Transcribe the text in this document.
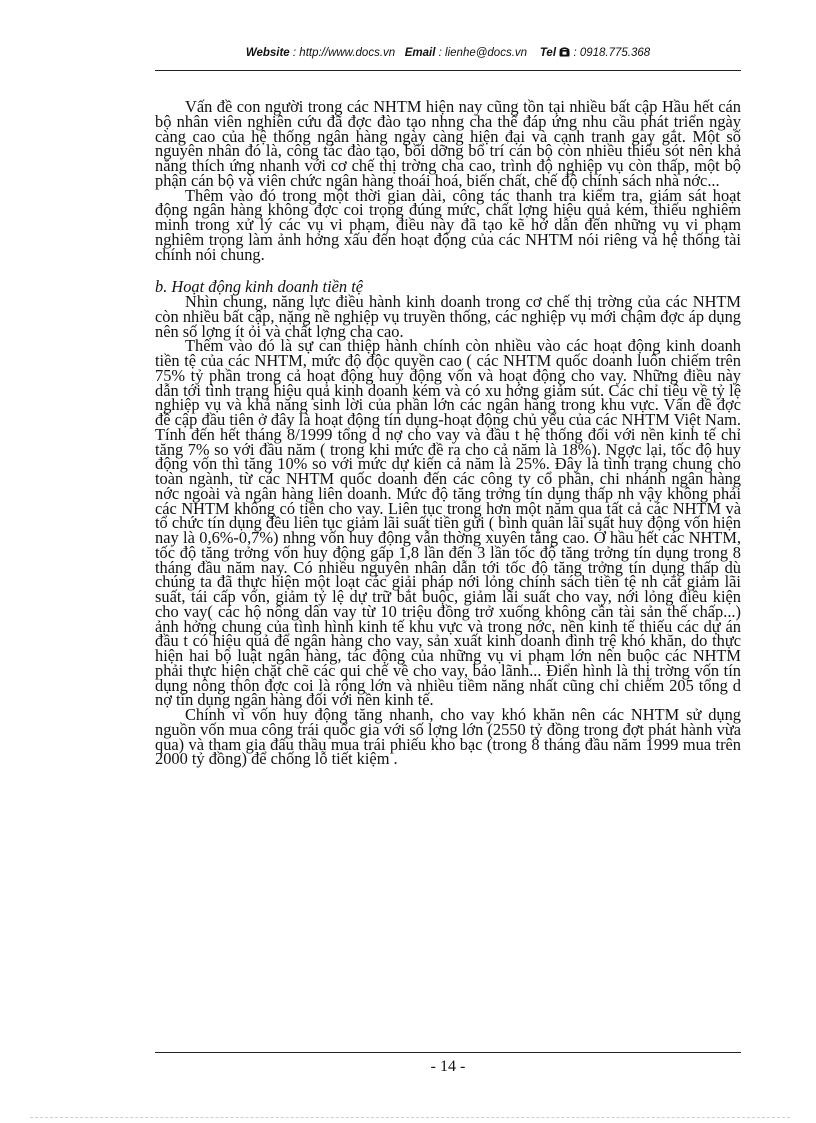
Website : http://www.docs.vn Email : lienhe@docs.vn Tel : 0918.775.368

Vấn đề con người trong các NHTM hiện nay cũng tồn tại nhiều bất cập Hầu hết cán bộ nhân viên nghiên cứu đã đợc đào tạo nhng cha thể đáp ứng nhu cầu phát triển ngày càng cao của hệ thống ngân hàng ngày càng hiện đại và cạnh tranh gay gắt. Một số nguyên nhân đó là, công tác đào tạo, bồi dỡng bổ trí cán bộ còn nhiều thiếu sót nên khả năng thích ứng nhanh với cơ chế thị trờng cha cao, trình độ nghiệp vụ còn thấp, một bộ phận cán bộ và viên chức ngân hàng thoái hoá, biến chất, chế độ chính sách nhà nớc...

Thêm vào đó trong một thời gian dài, công tác thanh tra kiểm tra, giám sát hoạt động ngân hàng không đợc coi trọng đúng mức, chất lợng hiệu quả kém, thiếu nghiêm minh trong xử lý các vụ vi phạm, điều này đã tạo kẽ hở dẫn đến những vụ vi phạm nghiêm trọng làm ảnh hởng xấu đến hoạt động của các NHTM nói riêng và hệ thống tài chính nói chung.

b. Hoạt động kinh doanh tiền tệ

Nhìn chung, năng lực điều hành kinh doanh trong cơ chế thị trờng của các NHTM còn nhiều bất cập, nặng nề nghiệp vụ truyền thống, các nghiệp vụ mới chậm đợc áp dụng nên số lợng ít ỏi và chất lợng cha cao.

Thêm vào đó là sự can thiệp hành chính còn nhiều vào các hoạt động kinh doanh tiền tệ của các NHTM, mức độ độc quyền cao ( các NHTM quốc doanh luôn chiếm trên 75% tỷ phần trong cả hoạt động huy động vốn và hoạt động cho vay. Những điều này dẫn tới tình trạng hiệu quả kinh doanh kém và có xu hớng giảm sút. Các chỉ tiêu về tỷ lệ nghiệp vụ và khả năng sinh lời của phần lớn các ngân hàng trong khu vực. Vấn đề đợc đề cập đầu tiên ở đây là hoạt động tín dụng-hoạt động chủ yếu của các NHTM Việt Nam. Tính đến hết tháng 8/1999 tổng d nợ cho vay và đầu t hệ thống đối với nền kinh tế chỉ tăng 7% so với đầu năm ( trong khi mức đề ra cho cả năm là 18%). Ngợc lại, tốc độ huy động vốn thì tăng 10% so với mức dự kiến cả năm là 25%. Đây là tình trạng chung cho toàn ngành, từ các NHTM quốc doanh đến các công ty cổ phần, chi nhánh ngân hàng nớc ngoài và ngân hàng liên doanh. Mức độ tăng trởng tín dụng thấp nh vậy không phải các NHTM không có tiền cho vay. Liên tục trong hơn một năm qua tất cả các NHTM và tổ chức tín dụng đều liên tục giảm lãi suất tiền gửi ( bình quân lãi suất huy động vốn hiện nay là 0,6%-0,7%) nhng vốn huy động vẫn thờng xuyên tăng cao. Ở hầu hết các NHTM, tốc độ tăng trởng vốn huy động gấp 1,8 lần đến 3 lần tốc độ tăng trởng tín dụng trong 8 tháng đầu năm nay. Có nhiều nguyên nhân dẫn tới tốc độ tăng trởng tín dụng thấp dù chúng ta đã thực hiện một loạt các giải pháp nới lỏng chính sách tiền tệ nh cắt giảm lãi suất, tái cấp vốn, giảm tỷ lệ dự trữ bắt buộc, giảm lãi suất cho vay, nới lỏng điều kiện cho vay( các hộ nông dân vay từ 10 triệu đồng trở xuống không cần tài sản thế chấp...) ảnh hởng chung của tình hình kinh tế khu vực và trong nớc, nền kinh tế thiếu các dự án đầu t có hiệu quả để ngân hàng cho vay, sản xuất kinh doanh đình trệ khó khăn, do thực hiện hai bộ luật ngân hàng, tác động của những vụ vi phạm lớn nên buộc các NHTM phải thực hiện chặt chẽ các qui chế về cho vay, bảo lãnh... Điển hình là thị trờng vốn tín dụng nông thôn đợc coi là rộng lớn và nhiều tiềm năng nhất cũng chỉ chiếm 205 tổng d nợ tín dụng ngân hàng đối với nền kinh tế.

Chính vì vốn huy động tăng nhanh, cho vay khó khăn nên các NHTM sử dụng nguồn vốn mua công trái quốc gia với số lợng lớn (2550 tỷ đồng trong đợt phát hành vừa qua) và tham gia đấu thầu mua trái phiếu kho bạc (trong 8 tháng đầu năm 1999 mua trên 2000 tỷ đồng) để chống lỗ tiết kiệm .

- 14 -
